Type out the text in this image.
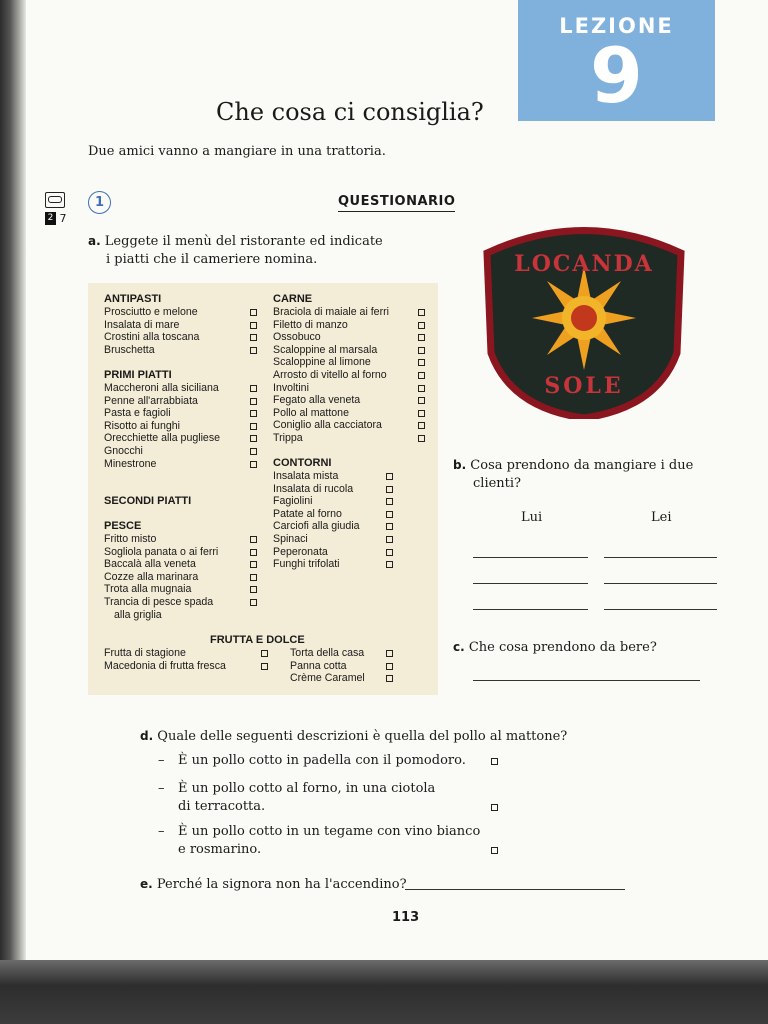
LEZIONE
9
Che cosa ci consiglia?
Due amici vanno a mangiare in una trattoria.
2 7
1	QUESTIONARIO
a. Leggete il menù del ristorante ed indicate
i piatti che il cameriere nomina.
ANTIPASTI
PRIMI PIATTI
SECONDI PIATTI
PESCE
CARNE
CONTORNI
FRUTTA E DOLCE
Prosciutto e melone
Insalata di mare
Crostini alla toscana
Bruschetta
Maccheroni alla siciliana
Penne all'arrabbiata
Pasta e fagioli
Risotto ai funghi
Orecchiette alla pugliese
Gnocchi
Minestrone
Fritto misto
Sogliola panata o ai ferri
Baccalà alla veneta
Cozze alla marinara
Trota alla mugnaia
Trancia di pesce spada
alla griglia
Braciola di maiale ai ferri
Filetto di manzo
Ossobuco
Scaloppine al marsala
Scaloppine al limone
Arrosto di vitello al forno
Involtini
Fegato alla veneta
Pollo al mattone
Coniglio alla cacciatora
Trippa
Insalata mista
Insalata di rucola
Fagiolini
Patate al forno
Carciofi alla giudia
Spinaci
Peperonata
Funghi trifolati
Frutta di stagione
Macedonia di frutta fresca
Torta della casa
Panna cotta
Crème Caramel
LOCANDA
SOLE
b. Cosa prendono da mangiare i due
clienti?
Lui	Lei
c. Che cosa prendono da bere?
d. Quale delle seguenti descrizioni è quella del pollo al mattone?
– È un pollo cotto in padella con il pomodoro.
– È un pollo cotto al forno, in una ciotola
di terracotta.
– È un pollo cotto in un tegame con vino bianco
e rosmarino.
e. Perché la signora non ha l'accendino?
113
